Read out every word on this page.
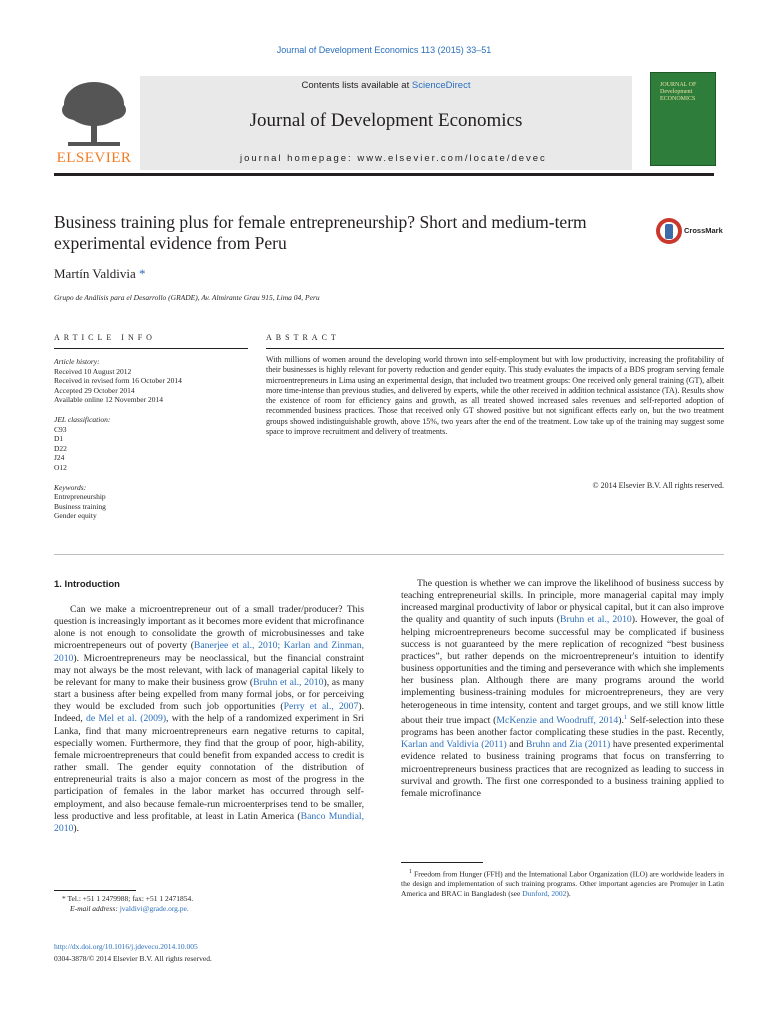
Journal of Development Economics 113 (2015) 33–51
Contents lists available at ScienceDirect
Journal of Development Economics
journal homepage: www.elsevier.com/locate/devec
ELSEVIER
JOURNAL OF Development ECONOMICS
Business training plus for female entrepreneurship? Short and medium-term experimental evidence from Peru
CrossMark
Martín Valdivia *
Grupo de Análisis para el Desarrollo (GRADE), Av. Almirante Grau 915, Lima 04, Peru
ARTICLE INFO	ABSTRACT
Article history:
Received 10 August 2012
Received in revised form 16 October 2014
Accepted 29 October 2014
Available online 12 November 2014
JEL classification:
C93
D1
D22
J24
O12
Keywords:
Entrepreneurship
Business training
Gender equity
With millions of women around the developing world thrown into self-employment but with low productivity, increasing the profitability of their businesses is highly relevant for poverty reduction and gender equity. This study evaluates the impacts of a BDS program serving female microentrepreneurs in Lima using an experimental design, that included two treatment groups: One received only general training (GT), albeit more time-intense than previous studies, and delivered by experts, while the other received in addition technical assistance (TA). Results show the existence of room for efficiency gains and growth, as all treated showed increased sales revenues and self-reported adoption of recommended business practices. Those that received only GT showed positive but not significant effects early on, but the two treatment groups showed indistinguishable growth, above 15%, two years after the end of the treatment. Low take up of the training may suggest some space to improve recruitment and delivery of treatments.
© 2014 Elsevier B.V. All rights reserved.
1. Introduction

Can we make a microentrepreneur out of a small trader/producer? This question is increasingly important as it becomes more evident that microfinance alone is not enough to consolidate the growth of microbusinesses and take microentrepeneurs out of poverty (Banerjee et al., 2010; Karlan and Zinman, 2010). Microentrepreneurs may be neoclassical, but the financial constraint may not always be the most relevant, with lack of managerial capital likely to be relevant for many to make their business grow (Bruhn et al., 2010), as many start a business after being expelled from many formal jobs, or for perceiving they would be excluded from such job opportunities (Perry et al., 2007). Indeed, de Mel et al. (2009), with the help of a randomized experiment in Sri Lanka, find that many microentrepreneurs earn negative returns to capital, especially women. Furthermore, they find that the group of poor, high-ability, female microentrepreneurs that could benefit from expanded access to credit is rather small. The gender equity connotation of the distribution of entrepreneurial traits is also a major concern as most of the progress in the participation of females in the labor market has occurred through self-employment, and also because female-run microenterprises tend to be smaller, less productive and less profitable, at least in Latin America (Banco Mundial, 2010).

The question is whether we can improve the likelihood of business success by teaching entrepreneurial skills. In principle, more managerial capital may imply increased marginal productivity of labor or physical capital, but it can also improve the quality and quantity of such inputs (Bruhn et al., 2010). However, the goal of helping microentrepreneurs become successful may be complicated if business success is not guaranteed by the mere replication of recognized “best business practices”, but rather depends on the microentrepreneur's intuition to identify business opportunities and the timing and perseverance with which she implements her business plan. Although there are many programs around the world implementing business-training modules for microentrepreneurs, they are very heterogeneous in time intensity, content and target groups, and we still know little about their true impact (McKenzie and Woodruff, 2014).$^1$ Self-selection into these programs has been another factor complicating these studies in the past. Recently, Karlan and Valdivia (2011) and Bruhn and Zia (2011) have presented experimental evidence related to business training programs that focus on transferring to microentrepreneurs business practices that are recognized as leading to success in survival and growth. The first one corresponded to a business training applied to female microfinance

* Tel.: +51 1 2479988; fax: +51 1 2471854.
E-mail address: jvaldivi@grade.org.pe.
$^1$ Freedom from Hunger (FFH) and the International Labor Organization (ILO) are worldwide leaders in the design and implementation of such training programs. Other important agencies are Promujer in Latin America and BRAC in Bangladesh (see Dunford, 2002).
http://dx.doi.org/10.1016/j.jdeveco.2014.10.005
0304-3878/© 2014 Elsevier B.V. All rights reserved.
